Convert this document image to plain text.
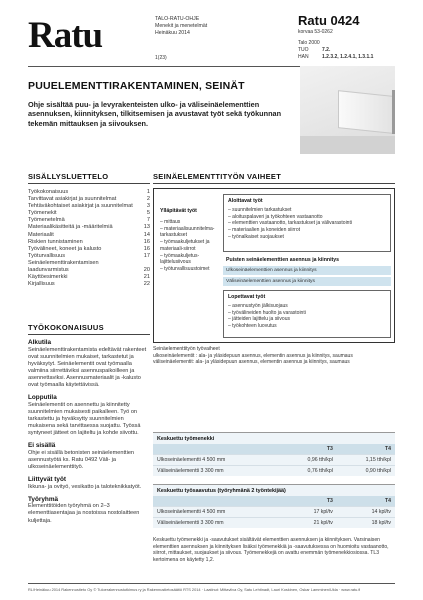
Ratu	TALO-RATU-OHJE
Menekit ja menetelmät
Heinäkuu 2014
1(23)
Ratu 0424
korvaa 53-0262
Talo 2000
TUO	7.2.
HAN	1.2.3.2, 1.2.4.1, 1.3.1.1
PUUELEMENTTIRAKENTAMINEN, SEINÄT
Ohje sisältää puu- ja levyrakenteisten ulko- ja väliseinäelementtien asennuksen, kiinnityksen, tilkitsemisen ja avustavat työt sekä työkunnan tekemän mittauksen ja siivouksen.
SISÄLLYSLUETTELO
Työkokonaisuus	1
Tarvittavat asiakirjat ja suunnitelmat	2
Tehtäväkohtaiset asiakirjat ja suunnitelmat	3
Työmenekit	5
Työmenetelmä	7
Materiaalikäsitteitä ja -määritelmiä	13
Materiaalit	14
Riskien tunnistaminen	16
Työvälineet, koneet ja kalusto	16
Työturvallisuus	17
Seinäelementtirakentamisen laadunvarmistus	20
Käyttöesimerkki	21
Kirjallisuus	22
TYÖKOKONAISUUS
Alkutila
Seinäelementtirakentamista edeltävät rakenteet ovat suunnitelmien mukaiset, tarkastetut ja hyväksytyt. Seinäelementit ovat työmaalla valmiina siirrettäviksi asennuspaikoilleen ja asennettaviksi. Asennusmateriaalit ja -kalusto ovat työmaalla käytettävissä.
Lopputila
Seinäelementit on asennettu ja kiinnitetty suunnitelmien mukaisesti paikalleen. Työ on tarkastettu ja hyväksytty suunnitelmien mukaisena sekä tarvittaessa suojattu. Työssä syntyneet jätteet on lajiteltu ja kohde siivottu.
Ei sisällä
Ohje ei sisällä betonisten seinäelementtien asennustyötä ks. Ratu 0492 Väli- ja ulkoseinäelementtityö.
Liittyvät työt
Ikkuna- ja ovityö, vesikatto ja taloteknikkatyöt.
Työryhmä
Elementtitöiden työryhmä on 2–3 elementtiasentajaa ja nostoissa nostolaitteen kuljettaja.
SEINÄELEMENTTITYÖN VAIHEET
Ylläpitävät työt
– mittaus
– materiaalisuunnitelma-tarkastukset
– työmaakuljetukset ja materiaali-siirrot
– työmaakuljetus-lajittelusiivous
– työturvallisuustoimet
Aloittavat työt
– suunnitelmien tarkastukset
– aloituspalaveri ja työkohteen vastaanotto
– elementtien vastaanotto, tarkastukset ja välivarastointi
– materiaalien ja koneiden siirrot
– työnalkaiset suojaukset
Puisten seinäelementtien asennus ja kiinnitys
Ulkoseinäelementtien asennus ja kiinnitys
Väliseinäelementtien asennus ja kiinnitys
Lopettavat työt
– asennustyön jälkisuojaus
– työvälineiden huolto ja varastointi
– jätteiden lajittelu ja siivous
– työkohteen luovutus
Seinäelementtityön työvaiheet
ulkoseinäelementit : ala- ja yläsidepuun asennus, elementin asennus ja kiinnitys, saumaus
väliseinäelementit: ala- ja yläsidepuun asennus, elementin asennus ja kiinnitys, saumaus
Keskuettu työmenekki
	T3	T4
Ulkoseinäelementti 4 500 mm	0,96 tth/kpl	1,15 tth/kpl
Väliseinäelementti 3 300 mm	0,76 tth/kpl	0,90 tth/kpl
Keskuettu työsaavutus (työryhmänä 2 työntekijää)
	T3	T4
Ulkoseinäelementti 4 500 mm	17 kpl/tv	14 kpl/tv
Väliseinäelementti 3 300 mm	21 kpl/tv	18 kpl/tv
Keskuettu työmenekki ja -saavutukset sisältävät elementtien asennuksen ja kiinnityksen. Varsinaisen elementtien asennuksen ja kiinnityksen lisäksi työmenekkiä ja -saavutuksessa on huomioitu vastaanotto, siirrot, mittaukset, suojaukset ja siivous. Työmenekkejä on avattu enemmän työmenekkiosiossa. TL3 kertoimena on käytetty 1,2.
RL/Heinäkuu 2014 Rakennustieto Oy © Tuloerakennustutkimus ry ja Rakennustietosäätiö RTS 2014 · Laatinut: Mittaviiva Oy, Satu Lehtinadt, Lauri Koskinen, Oskar Lamminen/Ukla · www.ratu.fi
